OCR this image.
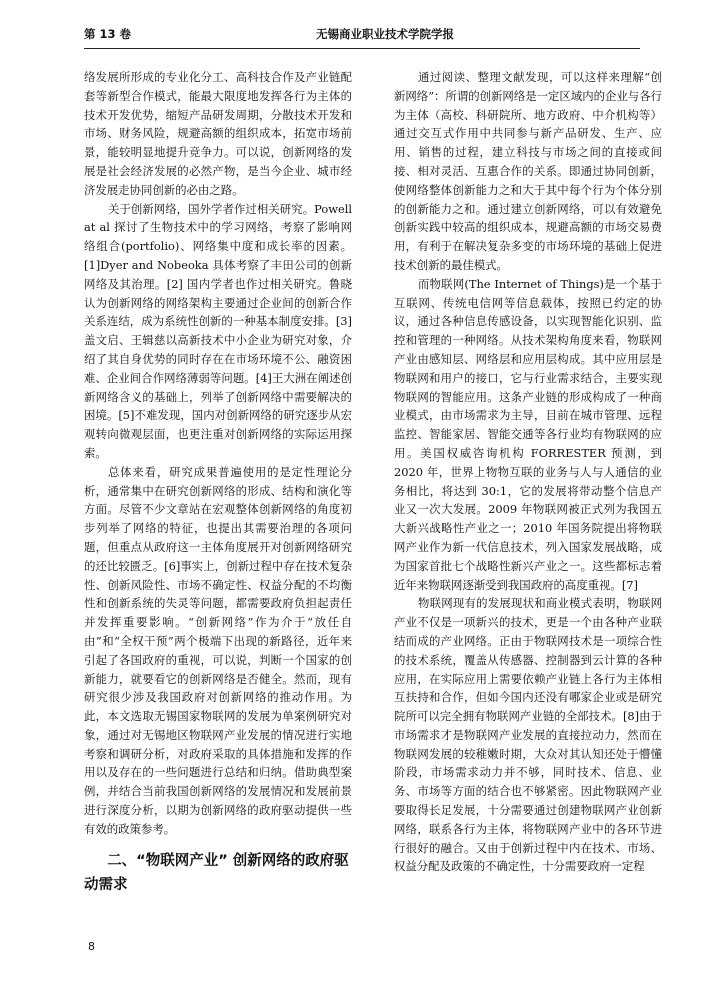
第 13 卷	无锡商业职业技术学院学报

络发展所形成的专业化分工、高科技合作及产业链配套等新型合作模式，能最大限度地发挥各行为主体的技术开发优势，缩短产品研发周期，分散技术开发和市场、财务风险，规避高额的组织成本，拓宽市场前景，能较明显地提升竞争力。可以说，创新网络的发展是社会经济发展的必然产物，是当今企业、城市经济发展走协同创新的必由之路。

关于创新网络，国外学者作过相关研究。Powell at al 探讨了生物技术中的学习网络，考察了影响网络组合(portfolio)、网络集中度和成长率的因素。[1]Dyer and Nobeoka 具体考察了丰田公司的创新网络及其治理。[2] 国内学者也作过相关研究。鲁晓认为创新网络的网络架构主要通过企业间的创新合作关系连结，成为系统性创新的一种基本制度安排。[3]盖文启、王辑慈以高新技术中小企业为研究对象，介绍了其自身优势的同时存在在市场环境不公、融资困难、企业间合作网络薄弱等问题。[4]王大洲在阐述创新网络含义的基础上，列举了创新网络中需要解决的困境。[5]不难发现，国内对创新网络的研究逐步从宏观转向微观层面，也更注重对创新网络的实际运用探索。

总体来看，研究成果普遍使用的是定性理论分析，通常集中在研究创新网络的形成、结构和演化等方面。尽管不少文章站在宏观整体创新网络的角度初步列举了网络的特征，也提出其需要治理的各项问题，但重点从政府这一主体角度展开对创新网络研究的还比较匮乏。[6]事实上，创新过程中存在技术复杂性、创新风险性、市场不确定性、权益分配的不均衡性和创新系统的失灵等问题，都需要政府负担起责任并发挥重要影响。“创新网络”作为介于“放任自由”和“全权干预”两个极端下出现的新路径，近年来引起了各国政府的重视，可以说，判断一个国家的创新能力，就要看它的创新网络是否健全。然而，现有研究很少涉及我国政府对创新网络的推动作用。为此，本文选取无锡国家物联网的发展为单案例研究对象，通过对无锡地区物联网产业发展的情况进行实地考察和调研分析，对政府采取的具体措施和发挥的作用以及存在的一些问题进行总结和归纳。借助典型案例，并结合当前我国创新网络的发展情况和发展前景进行深度分析，以期为创新网络的政府驱动提供一些有效的政策参考。

二、“物联网产业” 创新网络的政府驱动需求

通过阅读、整理文献发现，可以这样来理解“创新网络”：所谓的创新网络是一定区域内的企业与各行为主体（高校、科研院所、地方政府、中介机构等）通过交互式作用中共同参与新产品研发、生产、应用、销售的过程，建立科技与市场之间的直接或间接、相对灵活、互惠合作的关系。即通过协同创新，使网络整体创新能力之和大于其中每个行为个体分别的创新能力之和。通过建立创新网络，可以有效避免创新实践中较高的组织成本，规避高额的市场交易费用，有利于在解决复杂多变的市场环境的基础上促进技术创新的最佳模式。

而物联网(The Internet of Things)是一个基于互联网、传统电信网等信息载体，按照已约定的协议，通过各种信息传感设备，以实现智能化识别、监控和管理的一种网络。从技术架构角度来看，物联网产业由感知层、网络层和应用层构成。其中应用层是物联网和用户的接口，它与行业需求结合，主要实现物联网的智能应用。这条产业链的形成构成了一种商业模式，由市场需求为主导，目前在城市管理、远程监控、智能家居、智能交通等各行业均有物联网的应用。美国权威咨询机构 FORRESTER 预测，到 2020 年，世界上物物互联的业务与人与人通信的业务相比，将达到 30:1，它的发展将带动整个信息产业又一次大发展。2009 年物联网被正式列为我国五大新兴战略性产业之一；2010 年国务院提出将物联网产业作为新一代信息技术，列入国家发展战略，成为国家首批七个战略性新兴产业之一。这些都标志着近年来物联网逐渐受到我国政府的高度重视。[7]

物联网现有的发展现状和商业模式表明，物联网产业不仅是一项新兴的技术，更是一个由各种产业联结而成的产业网络。正由于物联网技术是一项综合性的技术系统，覆盖从传感器、控制器到云计算的各种应用，在实际应用上需要依赖产业链上各行为主体相互扶持和合作，但如今国内还没有哪家企业或是研究院所可以完全拥有物联网产业链的全部技术。[8]由于市场需求才是物联网产业发展的直接拉动力，然而在物联网发展的较稚嫩时期，大众对其认知还处于懵懂阶段，市场需求动力并不够，同时技术、信息、业务、市场等方面的结合也不够紧密。因此物联网产业要取得长足发展，十分需要通过创建物联网产业创新网络，联系各行为主体，将物联网产业中的各环节进行很好的融合。又由于创新过程中内在技术、市场、权益分配及政策的不确定性，十分需要政府一定程

8
